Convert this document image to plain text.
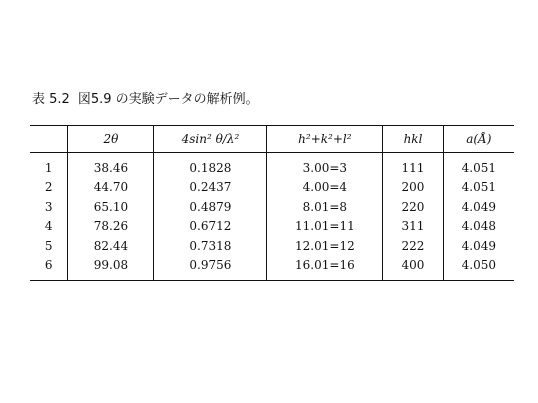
表 5.2 図5.9 の実験データの解析例。
	2θ	4sin² θ/λ²	h²+k²+l²	hkl	a(Å)
1	38.46	0.1828	3.00=3	111	4.051
2	44.70	0.2437	4.00=4	200	4.051
3	65.10	0.4879	8.01=8	220	4.049
4	78.26	0.6712	11.01=11	311	4.048
5	82.44	0.7318	12.01=12	222	4.049
6	99.08	0.9756	16.01=16	400	4.050
